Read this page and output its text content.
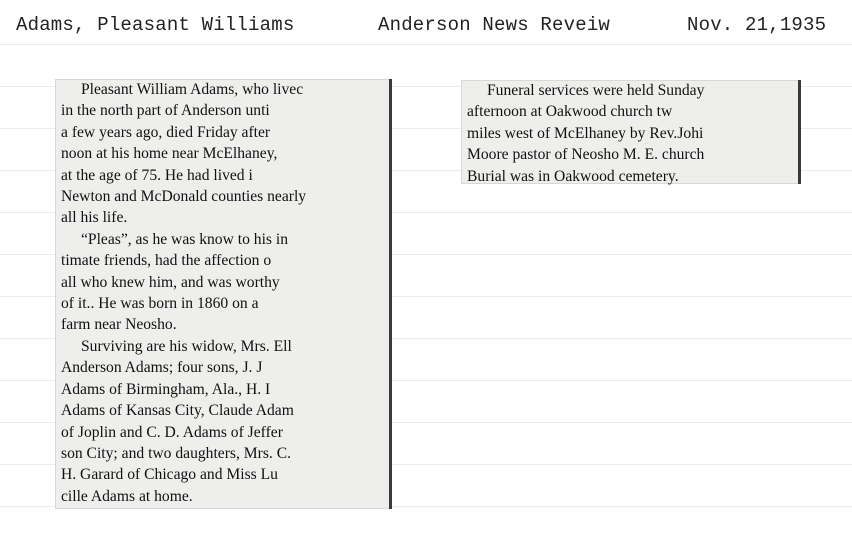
Adams, Pleasant Williams	Anderson News Reveiw	Nov. 21,1935
Pleasant William Adams, who livec
in the north part of Anderson unti
a few years ago, died Friday after
noon at his home near McElhaney,
at the age of 75. He had lived i
Newton and McDonald counties nearly
all his life.
“Pleas”, as he was know to his in
timate friends, had the affection o
all who knew him, and was worthy
of it.. He was born in 1860 on a
farm near Neosho.
Surviving are his widow, Mrs. Ell
Anderson Adams; four sons, J. J
Adams of Birmingham, Ala., H. I
Adams of Kansas City, Claude Adam
of Joplin and C. D. Adams of Jeffer
son City; and two daughters, Mrs. C.
H. Garard of Chicago and Miss Lu
cille Adams at home.
Funeral services were held Sunday
afternoon at Oakwood church tw
miles west of McElhaney by Rev.Johi
Moore pastor of Neosho M. E. church
Burial was in Oakwood cemetery.
